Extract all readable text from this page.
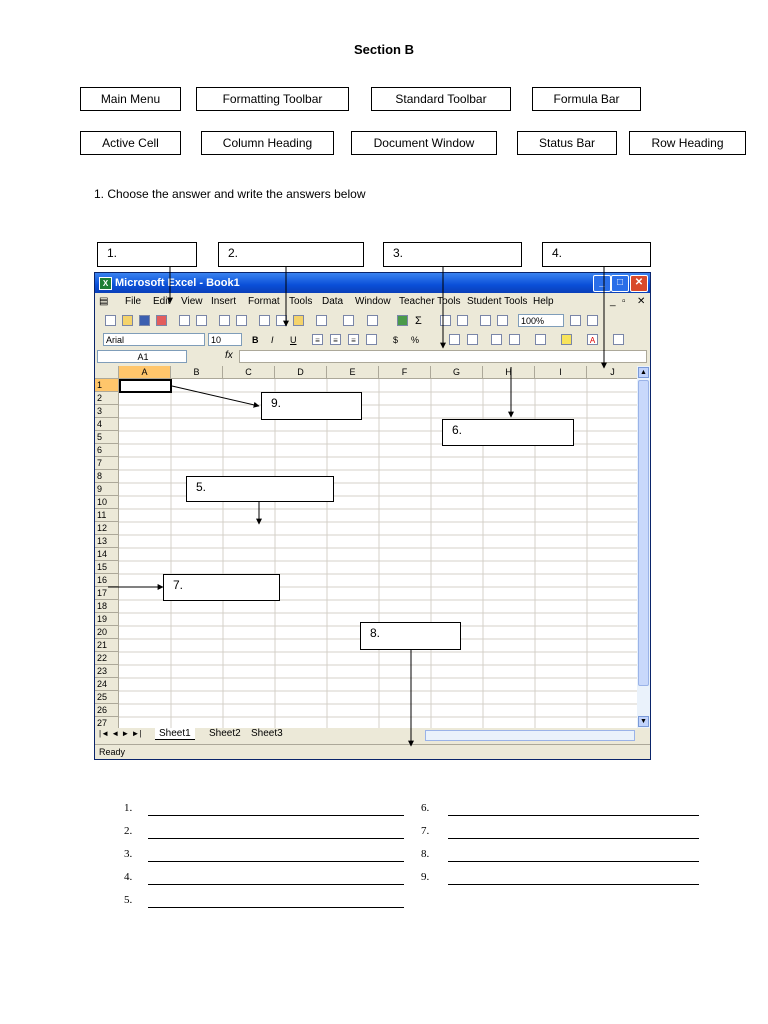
Section B
Main Menu	Formatting Toolbar	Standard Toolbar	Formula Bar
Active Cell	Column Heading	Document Window	Status Bar	Row Heading
1. Choose the answer and write the answers below
X Microsoft Excel - Book1	_	□	✕
▤ File Edit View Insert Format Tools Data Window Teacher Tools Student Tools Help	_ ▫ ✕
Σ	100%
Arial	10	B I U	≡	≡	≡	$ %	A
A1	fx
A	B	C	D	E	F	G	H	I	J
1
2
3
4
5
6
7
8
9
10
11
12
13
14
15
16
17
18
19
20
21
22
23
24
25
26
27
▲
▼
|◄ ◄ ► ►|	Sheet1	Sheet2	Sheet3
Ready
1.	2.	3.	4.
5.
6.
7.
8.
9.
1.
2.
3.
4.
5.
6.
7.
8.
9.
